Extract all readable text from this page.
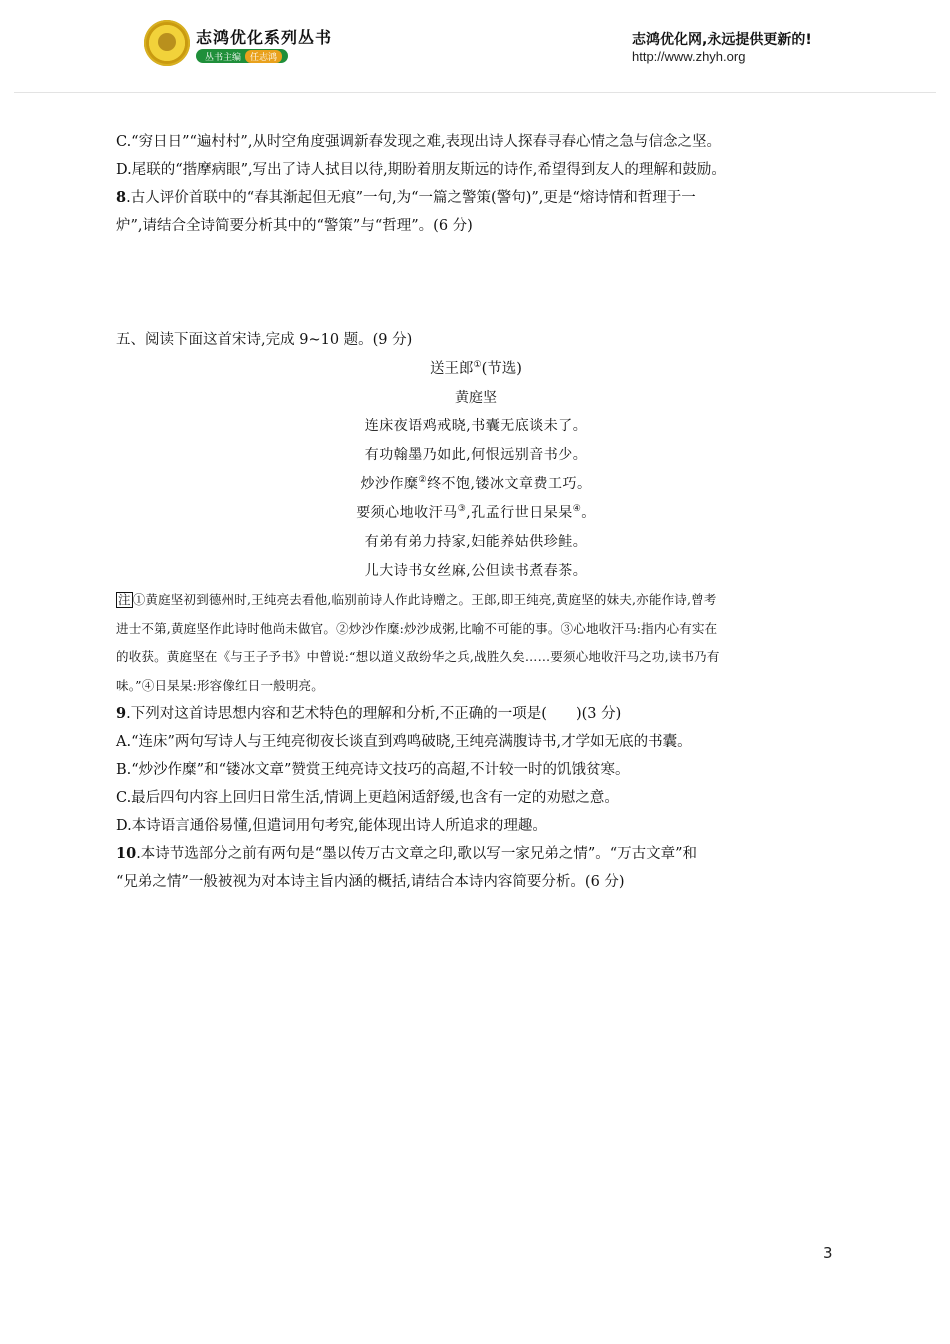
志鸿优化系列丛书
丛书主编	任志鸿
志鸿优化网,永远提供更新的!
http://www.zhyh.org

C.“穷日日”“遍村村”,从时空角度强调新春发现之难,表现出诗人探春寻春心情之急与信念之坚。

D.尾联的“揩摩病眼”,写出了诗人拭目以待,期盼着朋友斯远的诗作,希望得到友人的理解和鼓励。

8.古人评价首联中的“春其渐起但无痕”一句,为“一篇之警策(警句)”,更是“熔诗情和哲理于一

炉”,请结合全诗简要分析其中的“警策”与“哲理”。(6 分)

五、阅读下面这首宋诗,完成 9~10 题。(9 分)

送王郎①(节选)

黄庭坚

连床夜语鸡戒晓,书囊无底谈未了。

有功翰墨乃如此,何恨远别音书少。

炒沙作糜②终不饱,镂冰文章费工巧。

要须心地收汗马③,孔孟行世日杲杲④。

有弟有弟力持家,妇能养姑供珍鲑。

儿大诗书女丝麻,公但读书煮春茶。

注 ①黄庭坚初到德州时,王纯亮去看他,临别前诗人作此诗赠之。王郎,即王纯亮,黄庭坚的妹夫,亦能作诗,曾考

进士不第,黄庭坚作此诗时他尚未做官。②炒沙作糜:炒沙成粥,比喻不可能的事。③心地收汗马:指内心有实在

的收获。黄庭坚在《与王子予书》中曾说:“想以道义敌纷华之兵,战胜久矣……要须心地收汗马之功,读书乃有

味。”④日杲杲:形容像红日一般明亮。

9.下列对这首诗思想内容和艺术特色的理解和分析,不正确的一项是(　　)(3 分)

A.“连床”两句写诗人与王纯亮彻夜长谈直到鸡鸣破晓,王纯亮满腹诗书,才学如无底的书囊。

B.“炒沙作糜”和“镂冰文章”赞赏王纯亮诗文技巧的高超,不计较一时的饥饿贫寒。

C.最后四句内容上回归日常生活,情调上更趋闲适舒缓,也含有一定的劝慰之意。

D.本诗语言通俗易懂,但遣词用句考究,能体现出诗人所追求的理趣。

10.本诗节选部分之前有两句是“墨以传万古文章之印,歌以写一家兄弟之情”。“万古文章”和

“兄弟之情”一般被视为对本诗主旨内涵的概括,请结合本诗内容简要分析。(6 分)

3
